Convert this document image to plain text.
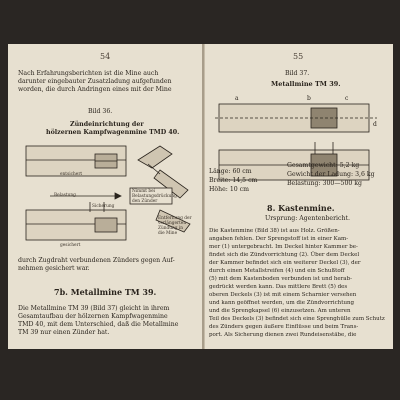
54
Nach Erfahrungsberichten ist die Mine auch
darunter eingebauter Zusatzladung aufgefunden
worden, die durch Andringen eines mit der Mine
Bild 36.
Zündeinrichtung der
hölzernen Kampfwagenmine TMD 40.
entsichert
Belastung
Nimmt bei
Belastungsdrückung
den Zünder
Sicherung
Entfernung der
verlängerten
Zündung in
die Mine
gesichert
durch Zugdraht verbundenen Zünders gegen Auf-
nehmen gesichert war.
7b. Metallmine TM 39.
Die Metallmine TM 39 (Bild 37) gleicht in ihrem
Gesamtaufbau der hölzernen Kampfwagenmine
TMD 40, mit dem Unterschied, daß die Metallmine
TM 39 nur einen Zünder hat.
55
Bild 37.
Metallmine TM 39.
a	b	c
d
Länge: 60 cm
Breite: 14,5 cm
Höhe: 10 cm
Gesamtgewicht: 5,2 kg
Gewicht der Ladung: 3,6 kg
Belastung: 300—500 kg
8. Kastenmine.
Ursprung: Agentenbericht.
Die Kastenmine (Bild 38) ist aus Holz. Größen-
angaben fehlen. Der Sprengstoff ist in einer Kam-
mer (1) untergebracht. Im Deckel hinter Kammer be-
findet sich die Zündvorrichtung (2). Über dem Deckel
der Kammer befindet sich ein weiterer Deckel (3), der
durch einen Metallstreifen (4) und ein Schußtoff
(5) mit dem Kastenboden verbunden ist und herab-
gedrückt werden kann. Das mittlere Brett (5) des
oberen Deckels (3) ist mit einem Scharnier versehen
und kann geöffnet werden, um die Zündvorrichtung
und die Sprengkapsel (6) einzusetzen. Am unteren
Teil des Deckels (3) befindet sich eine Sprenghülle zum Schutz
des Zünders gegen äußere Einflüsse und beim Trans-
port. Als Sicherung dienen zwei Rundeisenstäbe, die
